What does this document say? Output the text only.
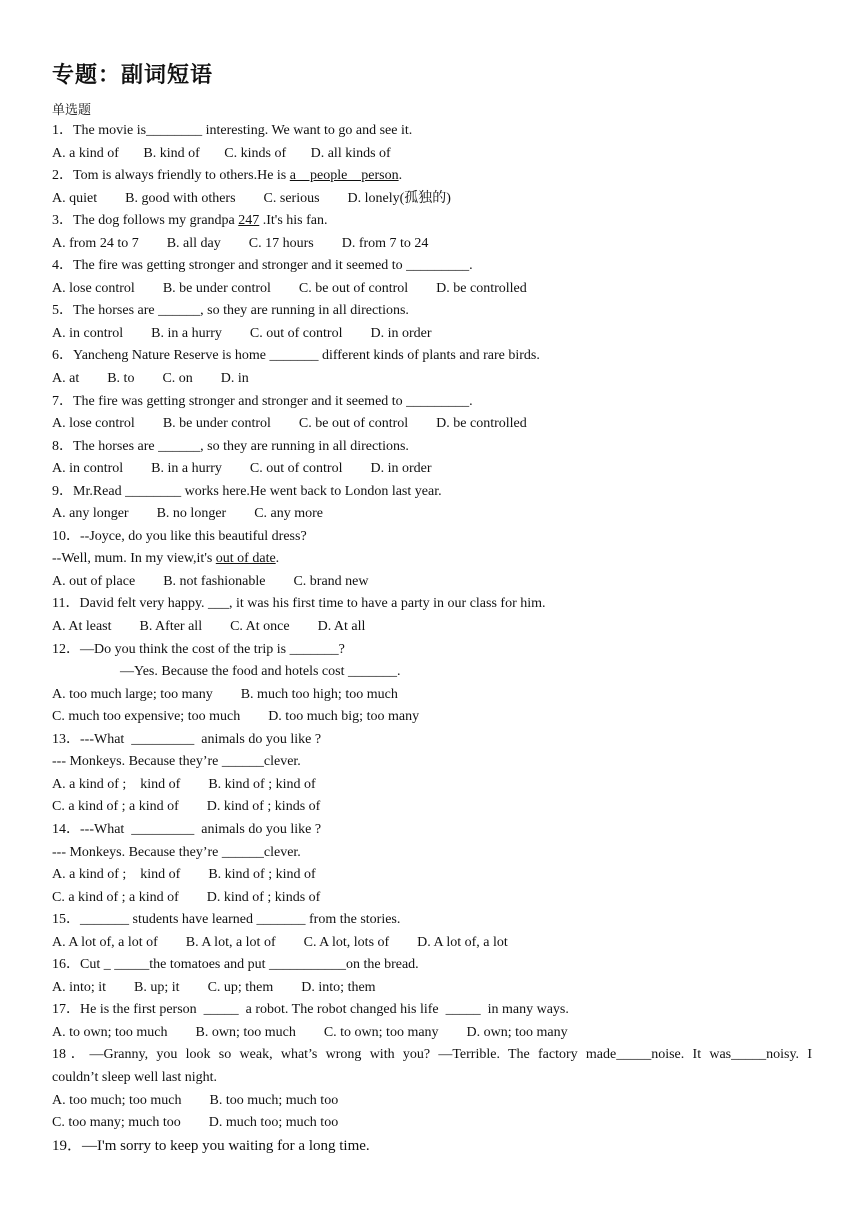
专题：副词短语
单选题
1．The movie is________ interesting. We want to go and see it.
A. a kind of       B. kind of       C. kinds of       D. all kinds of
2．Tom is always friendly to others.He is a    people    person.
A. quiet        B. good with others        C. serious        D. lonely(孤独的)
3．The dog follows my grandpa 247 .It's his fan.
A. from 24 to 7        B. all day        C. 17 hours        D. from 7 to 24
4．The fire was getting stronger and stronger and it seemed to _________.
A. lose control        B. be under control        C. be out of control        D. be controlled
5．The horses are ______, so they are running in all directions.
A. in control        B. in a hurry        C. out of control        D. in order
6．Yancheng Nature Reserve is home _______ different kinds of plants and rare birds.
A. at        B. to        C. on        D. in
7．The fire was getting stronger and stronger and it seemed to _________.
A. lose control        B. be under control        C. be out of control        D. be controlled
8．The horses are ______, so they are running in all directions.
A. in control        B. in a hurry        C. out of control        D. in order
9．Mr.Read ________ works here.He went back to London last year.
A. any longer        B. no longer        C. any more
10．--Joyce, do you like this beautiful dress?
--Well, mum. In my view,it's out of date.
A. out of place        B. not fashionable        C. brand new
11．David felt very happy. ___, it was his first time to have a party in our class for him.
A. At least        B. After all        C. At once        D. At all
12．—Do you think the cost of the trip is _______?
—Yes. Because the food and hotels cost _______.
A. too much large; too many        B. much too high; too much
C. much too expensive; too much        D. too much big; too many
13．---What  _________  animals do you like ?
--- Monkeys. Because they’re ______clever.
A. a kind of ;    kind of        B. kind of ; kind of
C. a kind of ; a kind of        D. kind of ; kinds of
14．---What  _________  animals do you like ?
--- Monkeys. Because they’re ______clever.
A. a kind of ;    kind of        B. kind of ; kind of
C. a kind of ; a kind of        D. kind of ; kinds of
15．_______ students have learned _______ from the stories.
A. A lot of, a lot of        B. A lot, a lot of        C. A lot, lots of        D. A lot of, a lot
16．Cut _ _____the tomatoes and put ___________on the bread.
A. into; it        B. up; it        C. up; them        D. into; them
17．He is the first person  _____  a robot. The robot changed his life  _____  in many ways.
A. to own; too much        B. own; too much        C. to own; too many        D. own; too many
18．—Granny, you look so weak, what’s wrong with you? —Terrible. The factory made_____noise. It was_____noisy. I
couldn’t sleep well last night.
A. too much; too much        B. too much; much too
C. too many; much too        D. much too; much too
19．—I'm sorry to keep you waiting for a long time.
